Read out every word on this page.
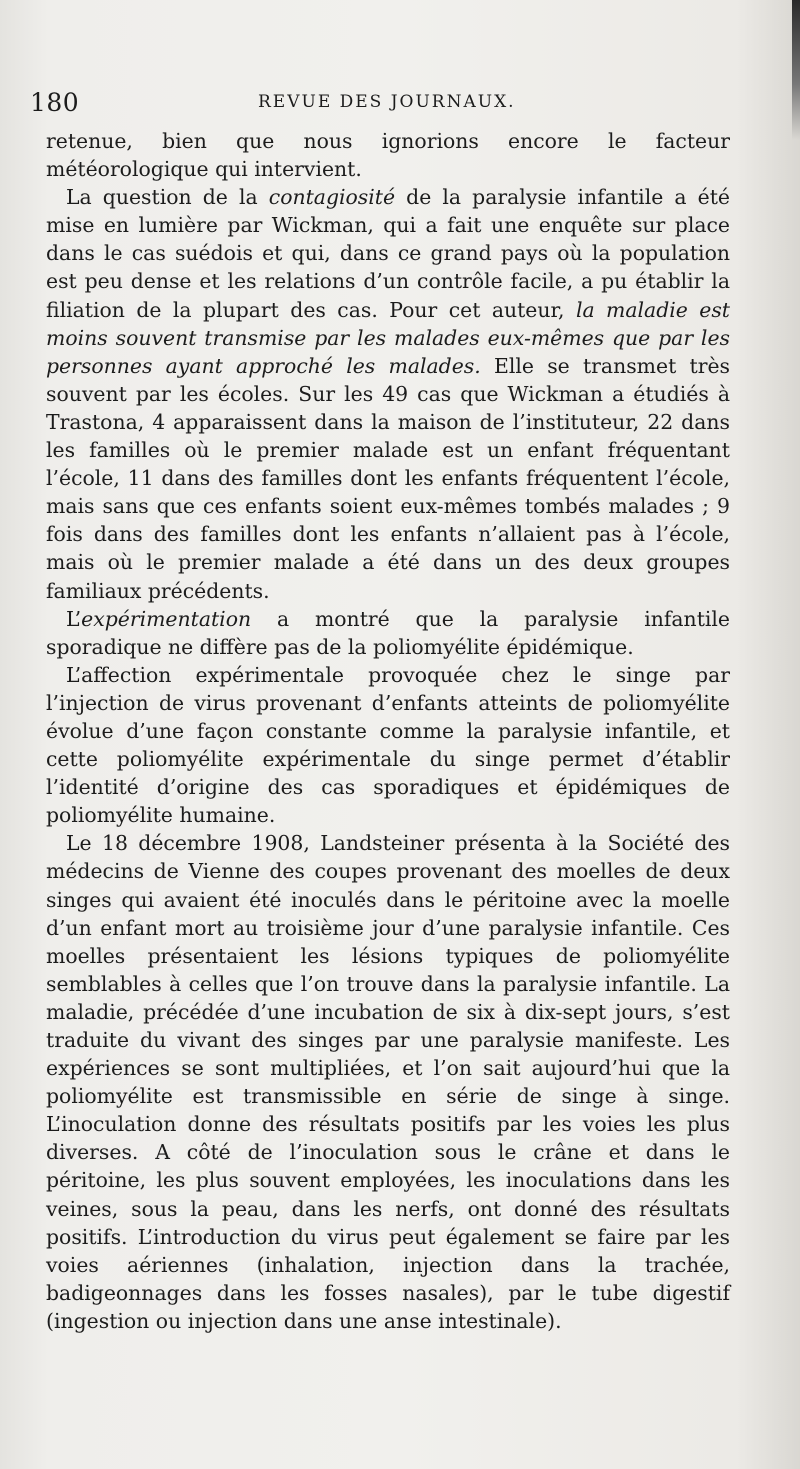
180	REVUE DES JOURNAUX.

retenue, bien que nous ignorions encore le facteur météorologique qui intervient.

La question de la contagiosité de la paralysie infantile a été mise en lumière par Wickman, qui a fait une enquête sur place dans le cas suédois et qui, dans ce grand pays où la population est peu dense et les relations d’un contrôle facile, a pu établir la filiation de la plupart des cas. Pour cet auteur, la maladie est moins souvent transmise par les malades eux-mêmes que par les personnes ayant approché les malades. Elle se transmet très souvent par les écoles. Sur les 49 cas que Wickman a étudiés à Trastona, 4 apparaissent dans la maison de l’instituteur, 22 dans les familles où le premier malade est un enfant fréquentant l’école, 11 dans des familles dont les enfants fréquentent l’école, mais sans que ces enfants soient eux-mêmes tombés malades ; 9 fois dans des familles dont les enfants n’allaient pas à l’école, mais où le premier malade a été dans un des deux groupes familiaux précédents.

L’expérimentation a montré que la paralysie infantile sporadique ne diffère pas de la poliomyélite épidémique.

L’affection expérimentale provoquée chez le singe par l’injection de virus provenant d’enfants atteints de poliomyélite évolue d’une façon constante comme la paralysie infantile, et cette poliomyélite expérimentale du singe permet d’établir l’identité d’origine des cas sporadiques et épidémiques de poliomyélite humaine.

Le 18 décembre 1908, Landsteiner présenta à la Société des médecins de Vienne des coupes provenant des moelles de deux singes qui avaient été inoculés dans le péritoine avec la moelle d’un enfant mort au troisième jour d’une paralysie infantile. Ces moelles présentaient les lésions typiques de poliomyélite semblables à celles que l’on trouve dans la paralysie infantile. La maladie, précédée d’une incubation de six à dix-sept jours, s’est traduite du vivant des singes par une paralysie manifeste. Les expériences se sont multipliées, et l’on sait aujourd’hui que la poliomyélite est transmissible en série de singe à singe. L’inoculation donne des résultats positifs par les voies les plus diverses. A côté de l’inoculation sous le crâne et dans le péritoine, les plus souvent employées, les inoculations dans les veines, sous la peau, dans les nerfs, ont donné des résultats positifs. L’introduction du virus peut également se faire par les voies aériennes (inhalation, injection dans la trachée, badigeonnages dans les fosses nasales), par le tube digestif (ingestion ou injection dans une anse intestinale).
